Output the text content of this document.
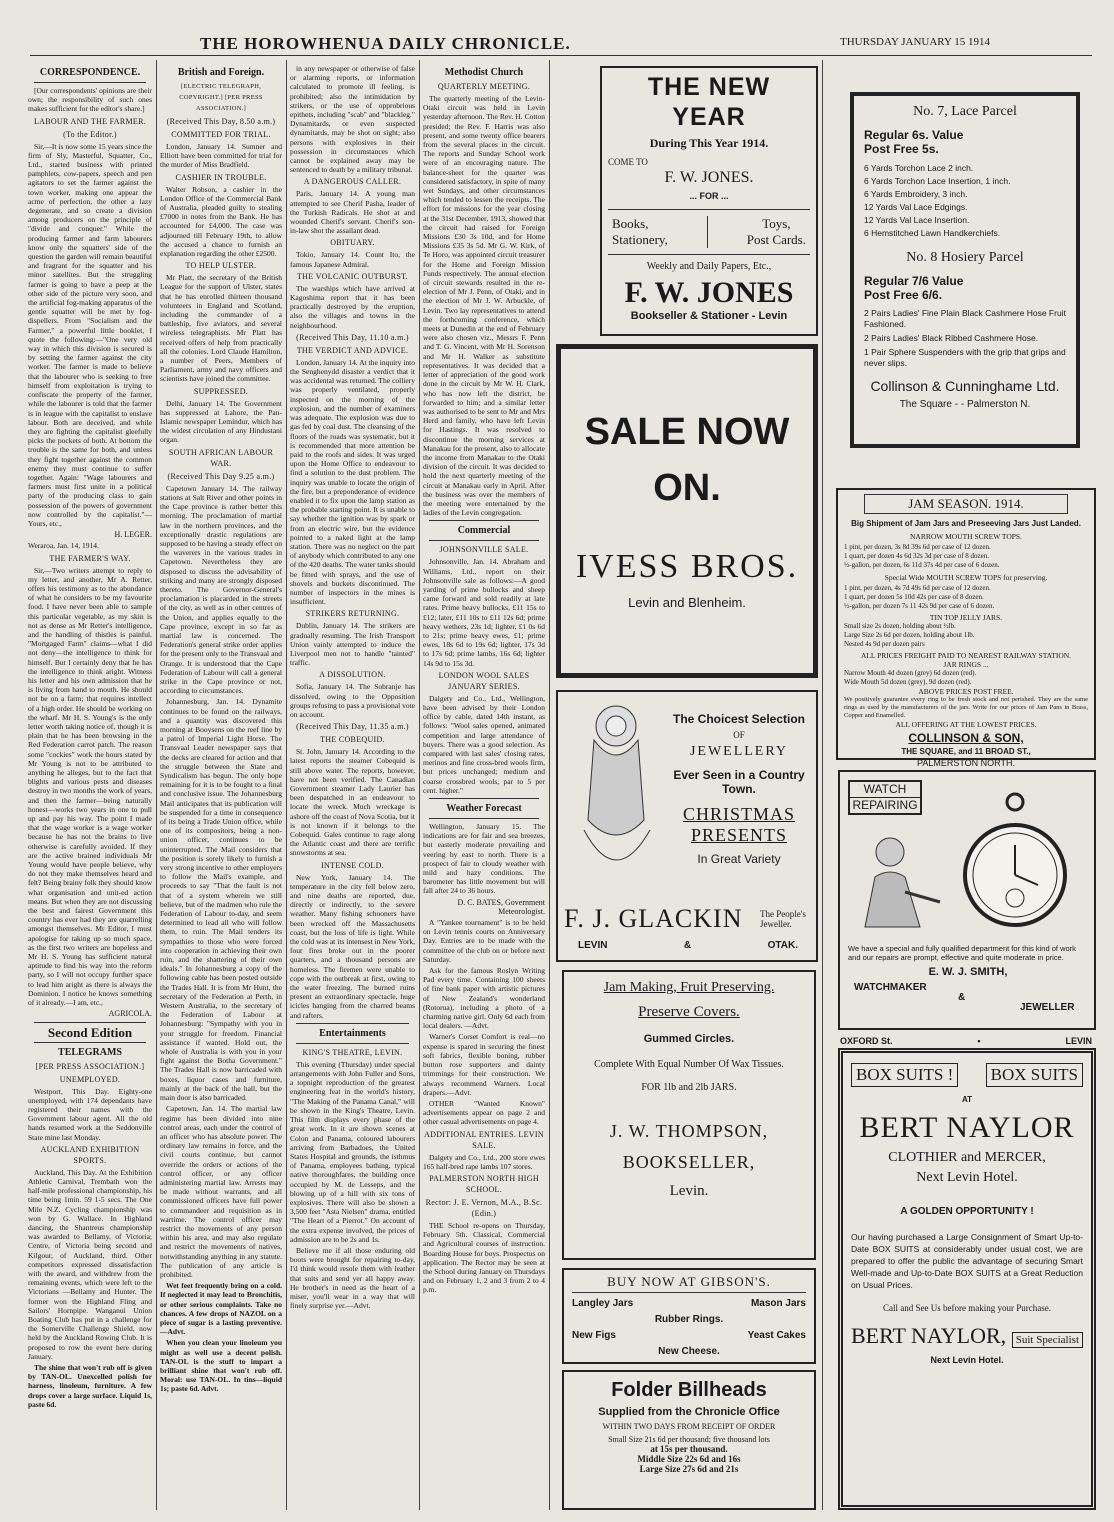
THE HOROWHENUA DAILY CHRONICLE.	THURSDAY JANUARY 15 1914
CORRESPONDENCE.

[Our correspondents' opinions are their own; the responsibility of such ones makes sufficient for the editor's share.]

LABOUR AND THE FARMER.
(To the Editor.)

Sir,—It is now some 15 years since the firm of Sly, Masterful, Squatter, Co., Ltd., started business with printed pamphlets, cow-papers, speech and pen agitators to set the farmer against the town worker, making one appear the acme of perfection, the other a lazy degenerate, and so create a division among producers on the principle of "divide and conquer." While the producing farmer and farm labourers know only the squatters' side of the question the garden will remain beautiful and fragrant for the squatter and his minor satellites. But the struggling farmer is going to have a peep at the other side of the picture very soon, and the artificial fog-making apparatus of the gentle squatter will be met by fog-dispellers. From "Socialism and the Farmer," a powerful little booklet, I quote the following:—"One very old way in which this division is secured is by setting the farmer against the city worker. The farmer is made to believe that the labourer who is seeking to free himself from exploitation is trying to confiscate the property of the farmer, while the labourer is told that the farmer is in league with the capitalist to enslave labour. Both are deceived, and while they are fighting the capitalist gleefully picks the pockets of both. At bottom the trouble is the same for both, and unless they fight together against the common enemy they must continue to suffer together. Again: "Wage labourers and farmers must first unite in a political party of the producing class to gain possession of the powers of government now controlled by the capitalist."—Yours, etc.,

H. LEGER.
Weraroa, Jan. 14, 1914.
THE FARMER'S WAY.

Sir,—Two writers attempt to reply to my letter, and another, Mr A. Retter, offers his testimony as to the abundance of what he considers to be my favourite food. I have never been able to sample this particular vegetable, as my skin is not as dense as Mr Retter's intelligence, and the handling of thistles is painful. "Mortgaged Farm" claims—what I did not deny—the intelligence to think for himself. But I certainly deny that he has the intelligence to think aright. Witness his letter and his own admission that he is living from hand to mouth. He should not be on a farm; that requires intellect of a high order. He should be working on the wharf. Mr H. S. Young's is the only letter worth taking notice of, though it is plain that he has been browsing in the Red Federation carrot patch. The reason some "cockies" work the hours stated by Mr Young is not to be attributed to anything he alleges, but to the fact that blights and various pests and diseases destroy in two months the work of years, and then the farmer—being naturally honest—works two years in one to pull up and pay his way. The point I made that the wage worker is a wage worker because he has not the brains to live otherwise is carefully avoided. If they are the active brained individuals Mr Young would have people believe, why do not they make themselves heard and felt? Being brainy folk they should know what organisation and unit-ed action means. But when they are not discussing the best and fairest Government this country has ever had they are quarrelling amongst themselves. Mr Editor, I must apologise for taking up so much space, as the first two writers are hopeless and Mr H. S. Young has sufficient natural aptitude to find his way into the reform party, so I will not occupy further space to lead him aright as there is always the Dominion. I notice he knows something of it already.—I am, etc.,

AGRICOLA.
Second Edition
TELEGRAMS
[PER PRESS ASSOCIATION.]
UNEMPLOYED.

Westport, This Day. Eighty-one unemployed, with 174 dependants have registered their names with the Government labour agent. All the old hands resumed work at the Seddonville State mine last Monday.

AUCKLAND EXHIBITION SPORTS.

Auckland, This Day. At the Exhibition Athletic Carnival, Trembath won the half-mile professional championship, his time being 1min. 59 1-5 secs. The One Mile N.Z. Cycling championship was won by G. Wallace. In Highland dancing, the Shantreus championship was awarded to Bellamy, of Victoria; Centre, of Victoria being second and Kilgour, of Auckland, third. Other competitors expressed dissatisfaction with the award, and withdrew from the remaining events, which were left to the Victorians —Bellamy and Hunter. The former won the Highland Fling and Sailors' Hornpipe. Wanganui Union Boating Club has put in a challenge for the Somerville Challenge Shield, now held by the Auckland Rowing Club. It is proposed to row the event here during January.

The shine that won't rub off is given by TAN-OL. Unexcelled polish for harness, linoleum, furniture. A few drops cover a large surface. Liquid 1s, paste 6d.

British and Foreign.
[ELECTRIC TELEGRAPH, COPYRIGHT.] [PER PRESS ASSOCIATION.]
(Received This Day, 8.50 a.m.)
COMMITTED FOR TRIAL.

London, January 14. Sumner and Elliott have been committed for trial for the murder of Miss Bradfield.

CASHIER IN TROUBLE.

Walter Robson, a cashier in the London Office of the Commercial Bank of Australia, pleaded guilty to stealing £7000 in notes from the Bank. He has accounted for £4,000. The case was adjourned till February 19th, to allow the accused a chance to furnish an explanation regarding the other £2500.

TO HELP ULSTER.

Mr Platt, the secretary of the British League for the support of Ulster, states that he has enrolled thirteen thousand volunteers in England and Scotland, including the commander of a battleship, five aviators, and several wireless telegraphists. Mr Platt has received offers of help from practically all the colonies. Lord Claude Hamilton, a number of Peers, Members of Parliament, army and navy officers and scientists have joined the committee.

SUPPRESSED.

Delhi, January 14. The Government has suppressed at Lahore, the Pan-Islamic newspaper Lemindur, which has the widest circulation of any Hindustani organ.

SOUTH AFRICAN LABOUR WAR.
(Received This Day 9.25 a.m.)

Capetown January 14. The railway stations at Salt River and other points in the Cape province is rather better this morning. The proclamation of martial law in the northern provinces, and the exceptionally drastic regulations are supposed to be having a steady effect on the waverers in the various trades in Capetown. Nevertheless they are disposed to discuss the advisability of striking and many are strongly disposed thereto. The Governor-General's proclamation is placarded in the streets of the city, as well as in other centres of the Union, and applies equally to the Cape province, except in so far as martial law is concerned. The Federation's general strike order applies for the present only to the Transvaal and Orange. It is understood that the Cape Federation of Labour will call a general strike in the Cape province or not, according to circumstances.

Johannesburg, Jan. 14. Dynamite continues to be found on the railways, and a quantity was discovered this morning at Booysens on the reef line by a patrol of Imperial Light Horse. The Transvaal Leader newspaper says that the decks are cleared for action and that the struggle between the State and Syndicalism has begun. The only hope remaining for it is to be fought to a final and conclusive issue. The Johannesburg Mail anticipates that its publication will be suspended for a time in consequence of its being a Trade Union office, while one of its compositors, being a non-union officer, continues to be uninterrupted. The Mail considers that the position is sorely likely to furnish a very strong incentive to other employers to follow the Mail's example, and proceeds to say "That the fault is not that of a system wherein we still believe, but of the madmen who rule the Federation of Labour to-day, and seem determined to lead all who will follow them, to ruin. The Mail tenders its sympathies to those who were forced into cooperation in achieving their own ruin, and the shattering of their own ideals." In Johannesburg a copy of the following cable has been posted outside the Trades Hall. It is from Mr Hunt, the secretary of the Federation at Perth, in Western Australia, to the secretary of the Federation of Labour at Johannesburg: "Sympathy with you in your struggle for freedom. Financial assistance if wanted. Hold out, the whole of Australia is with you in your fight against the Botha Government." The Trades Hall is now barricaded with boxes, liquor cases and furniture, mainly at the back of the hall, but the main door is also barricaded.

Capetown, Jan. 14. The martial law regime has been divided into nine control areas, each under the control of an officer who has absolute power. The ordinary law remains in force, and the civil courts continue, but cannot override the orders or actions of the control officer, or any officer administering martial law. Arrests may be made without warrants, and all commissioned officers have full power to commandeer and requisition as in wartime. The control officer may restrict the movements of any person within his area, and may also regulate and restrict the movements of natives, notwithstanding anything in any statute. The publication of any article is prohibited.

Wet feet frequently bring on a cold. If neglected it may lead to Bronchitis, or other serious complaints. Take no chances. A few drops of NAZOL on a piece of sugar is a lasting preventive. —Advt.

When you clean your linoleum you might as well use a decent polish. TAN-OL is the stuff to impart a brilliant shine that won't rub off. Moral: use TAN-OL. In tins—liquid 1s; paste 6d. Advt.

in any newspaper or otherwise of false or alarming reports, or information calculated to promote ill feeling, is prohibited; also the intimidation by strikers, or the use of opprobrious epithets, including "scab" and "blackleg." Dynamitards, or even suspected dynamitards, may be shot on sight; also persons with explosives in their possession in circumstances which cannot be explained away may be sentenced to death by a military tribunal.

A DANGEROUS CALLER.

Paris, January 14. A young man attempted to see Cherif Pasha, leader of the Turkish Radicals. He shot at and wounded Cherif's servant. Cherif's son-in-law shot the assailant dead.

OBITUARY.

Tokio, January 14. Count Ito, the famous Japanese Admiral.

THE VOLCANIC OUTBURST.

The warships which have arrived at Kagoshima report that it has been practically destroyed by the eruption, also the villages and towns in the neighbourhood.

(Received This Day, 11.10 a.m.)
THE VERDICT AND ADVICE.

London, January 14. At the inquiry into the Senghenydd disaster a verdict that it was accidental was returned. The colliery was properly ventilated, properly inspected on the morning of the explosion, and the number of examiners was adequate. The explosion was due to gas fed by coal dust. The cleansing of the floors of the roads was systematic, but it is recommended that more attention be paid to the roofs and sides. It was urged upon the Home Office to endeavour to find a solution to the dust problem. The inquiry was unable to locate the origin of the fire, but a preponderance of evidence enabled it to fix upon the lamp station as the probable starting point. It is unable to say whether the ignition was by spark or from an electric wire, but the evidence pointed to a naked light at the lamp station. There was no neglect on the part of anybody which contributed to any one of the 420 deaths. The water tanks should be fitted with sprays, and the use of shovels and buckets discontinued. The number of inspectors in the mines is insufficient.

STRIKERS RETURNING.

Dublin, January 14. The strikers are gradually resuming. The Irish Transport Union vainly attempted to induce the Liverpool men not to handle "tainted" traffic.

A DISSOLUTION.

Sofia, January 14. The Sobranje has dissolved, owing to the Opposition groups refusing to pass a provisional vote on account.

(Received This Day, 11.35 a.m.)
THE COBEQUID.

St. John, January 14. According to the latest reports the steamer Cobequid is still above water. The reports, however, have not been verified. The Canadian Government steamer Lady Laurier has been despatched in an endeavour to locate the wreck. Much wreckage is ashore off the coast of Nova Scotia, but it is not known if it belongs to the Cobequid. Gales continue to rage along the Atlantic coast and there are terrific snowstorms at sea.

INTENSE COLD.

New York, January 14. The temperature in the city fell below zero, and nine deaths are reported, due, directly or indirectly, to the severe weather. Many fishing schooners have been wrecked off the Massachusetts coast, but the loss of life is light. While the cold was at its intensest in New York, four fires broke out in the poorer quarters, and a thousand persons are homeless. The firemen were unable to cope with the outbreak at first, owing to the water freezing. The burned ruins present an extraordinary spectacle, huge icicles hanging from the charred beams and rafters.

Entertainments
KING'S THEATRE, LEVIN.

This evening (Thursday) under special arrangements with John Fuller and Sons, a topnight reproduction of the greatest engineering feat in the world's history, "The Making of the Panama Canal," will be shown in the King's Theatre, Levin. This film displays every phase of the great work. In it are shown scenes at Colon and Panama, coloured labourers arriving from Barbadoes, the United States Hospital and grounds, the isthmus of Panama, employees bathing, typical native thoroughfares, the building once occupied by M. de Lesseps, and the blowing up of a hill with six tons of explosives. There will also be shown a 3,500 feet "Asta Nielsen" drama, entitled "The Heart of a Pierrot." On account of the extra expense involved, the prices of admission are to be 2s and 1s.

Believe me if all those enduring old boots were brought for repairing to-day, I'd think would resole them with leather that suits and send yer all happy away. He brother's in need as the heart of a miser, you'll wear in a way that will finely surprise yer.—Advt.

Methodist Church
QUARTERLY MEETING.

The quarterly meeting of the Levin-Otaki circuit was held in Levin yesterday afternoon. The Rev. H. Cotton presided; the Rev. F. Harris was also present, and some twenty office bearers from the several places in the circuit. The reports and Sunday School work were of an encouraging nature. The balance-sheet for the quarter was considered satisfactory, in spite of many wet Sundays, and other circumstances which tended to lessen the receipts. The effort for missions for the year closing at the 31st December, 1913, showed that the circuit had raised for Foreign Missions £30 3s 10d, and for Home Missions £35 3s 5d. Mr G. W. Kirk, of Te Horo, was appointed circuit treasurer for the Home and Foreign Mission Funds respectively. The annual election of circuit stewards resulted in the re-election of Mr J. Penn, of Otaki, and in the election of Mr J. W. Arbuckle, of Levin. Two lay representatives to attend the forthcoming conference, which meets at Dunedin at the end of February were also chosen viz., Messrs F. Penn and T. G. Vincent, with Mr H. Sorenson and Mr H. Walker as substitute representatives. It was decided that a letter of appreciation of the good work done in the circuit by Mr W. H. Clark, who has now left the district, be forwarded to him; and a similar letter was authorised to be sent to Mr and Mrs Herd and family, who have left Levin for Hastings. It was resolved to discontinue the morning services at Manakau for the present, also to allocate the income from Manakau to the Otaki division of the circuit. It was decided to hold the next quarterly meeting of the circuit at Manakau early in April. After the business was over the members of the meeting were entertained by the ladies of the Levin congregation.

Commercial
JOHNSONVILLE SALE.

Johnsonville, Jan. 14. Abraham and Williams, Ltd., report on their Johnsonville sale as follows:—A good yarding of prime bullocks and sheep came forward and sold readily at late rates. Prime heavy bullocks, £11 15s to £12; later, £11 10s to £11 12s 6d; prime heavy wethers, 23s 1d; lighter, £1 0s 6d to 21s; prime heavy ewes, £1; prime ewes, 18s 6d to 19s 6d; lighter, 17s 3d to 17s 6d; prime lambs, 16s 6d; lighter 14s 9d to 15s 3d.

LONDON WOOL SALES JANUARY SERIES.

Dalgety and Co., Ltd., Wellington, have been advised by their London office by cable, dated 14th instant, as follows: "Wool sales opened, animated competition and large attendance of buyers. There was a good selection. As compared with last sales' closing rates, merinos and fine cross-bred wools firm, but prices unchanged; medium and coarse crossbred wools, par to 5 per cent. higher."

Weather Forecast

Wellington, January 15. The indications are for fair and sea breezes, but easterly moderate prevailing and veering by east to north. There is a prospect of fair to cloudy weather with mild and hazy conditions. The barometer has little movement but will fall after 24 to 36 hours.

D. C. BATES, Government Meteorologist.

A "Yankee tournament" is to be held on Levin tennis courts on Anniversary Day. Entries are to be made with the committee of the club on or before next Saturday.

Ask for the famous Roslyn Writing Pad every time. Containing 100 sheets of fine bank paper with artistic pictures of New Zealand's wonderland (Rotorua), including a photo of a charming native girl. Only 6d each from local dealers. —Advt.

Warner's Corset Comfort is real—no expense is spared in securing the finest soft fabrics, flexible boning, rubber button rose supporters and dainty trimmings for their construction. We always recommend Warners. Local drapers.—Advt.

OTHER "Wanted Known" advertisements appear on page 2 and other casual advertisements on page 4.

ADDITIONAL ENTRIES. LEVIN SALE.

Dalgety and Co., Ltd., 200 store ewes 165 half-bred rape lambs 107 stores.

PALMERSTON NORTH HIGH SCHOOL.
Rector: J. E. Vernon, M.A., B.Sc. (Edin.)

THE School re-opens on Thursday, February 5th. Classical, Commercial and Agricultural courses of instruction. Boarding House for boys. Prospectus on application. The Rector may be seen at the School during January on Thursdays and on February 1, 2 and 3 from 2 to 4 p.m.

THE NEW YEAR
During This Year 1914.
COME TO
F. W. JONES.
... FOR ...
Books,
Stationery,
Toys,
Post Cards.
Weekly and Daily Papers, Etc.,
F. W. JONES
Bookseller & Stationer - Levin
SALE NOW
ON.
IVESS BROS.
Levin and Blenheim.
The Choicest Selection
OF
JEWELLERY
Ever Seen in a Country Town.
CHRISTMAS
PRESENTS
In Great Variety
F. J. GLACKIN The People's Jeweller.
LEVIN	&	OTAK.
Jam Making, Fruit Preserving.
Preserve Covers.
Gummed Circles.
Complete With Equal Number Of Wax Tissues.
FOR 1lb and 2lb JARS.
J. W. THOMPSON,
BOOKSELLER,
Levin.
BUY NOW AT GIBSON'S.
Langley Jars	Mason Jars
Rubber Rings.
New Figs	Yeast Cakes
New Cheese.
Folder Billheads
Supplied from the Chronicle Office
WITHIN TWO DAYS FROM RECEIPT OF ORDER
Small Size 21s 6d per thousand; five thousand lots
at 15s per thousand.
Middle Size 22s 6d and 16s
Large Size 27s 6d and 21s
No. 7, Lace Parcel
Regular 6s. Value
Post Free 5s.
6 Yards Torchon Lace 2 inch.
6 Yards Torchon Lace Insertion, 1 inch.
6 Yards Embroidery, 3 inch.
12 Yards Val Lace Edgings.
12 Yards Val Lace Insertion.
6 Hemstitched Lawn Handkerchiefs.
No. 8 Hosiery Parcel
Regular 7/6 Value
Post Free 6/6.
2 Pairs Ladies' Fine Plain Black Cashmere Hose Fruit Fashioned.
2 Pairs Ladies' Black Ribbed Cashmere Hose.
1 Pair Sphere Suspenders with the grip that grips and never slips.
Collinson & Cunninghame Ltd.
The Square - - Palmerston N.
JAM SEASON. 1914.
Big Shipment of Jam Jars and Preseeving Jars Just Landed.
NARROW MOUTH SCREW TOPS.
1 pint, per dozen, 3s 8d 39s 6d per case of 12 dozen.
1 quart, per dozen 4s 6d 32s 3d per case of 8 dozen.
½-gallon, per dozen, 6s 11d 37s 4d per case of 6 dozen.
Special Wide MOUTH SCREW TOPS for preserving.
1 pint, per dozen, 4s 7d 49s 6d per case of 12 dozen.
1 quart, per dozen 5s 10d 42s per case of 8 dozen.
½-gallon, per dozen 7s 11 42s 9d per case of 6 dozen.
TIN TOP JELLY JARS.
Small size 2s dozen, holding about ½lb.
Large Size 2s 6d per dozen, holding about 1lb.
Nested 4s 9d per dozen pairs
ALL PRICES FREIGHT PAID TO NEAREST RAILWAY STATION.
JAR RINGS ...
Narrow Mouth 4d dozen (grey) 6d dozen (red).
Wide Mouth 5d dozen (grey), 9d dozen (red).
ABOVE PRICES POST FREE.
We positively guarantee every ring to be fresh stock and not perished. They are the same rings as used by the manufacturers of the jars. Write for our prices of Jam Pans in Brass, Copper and Enamelled.
ALL OFFERING AT THE LOWEST PRICES.
COLLINSON & SON,
THE SQUARE, and 11 BROAD ST.,
PALMERSTON NORTH.
WATCH
REPAIRING
We have a special and fully qualified department for this kind of work and our repairs are prompt, effective and quite moderate in price.
E. W. J. SMITH,
WATCHMAKER
&
JEWELLER
OXFORD St.	•	LEVIN
BOX SUITS ! BOX SUITS
AT
BERT NAYLOR
CLOTHIER and MERCER,
Next Levin Hotel.
A GOLDEN OPPORTUNITY !
Our having purchased a Large Consignment of Smart Up-to-Date BOX SUITS at considerably under usual cost, we are prepared to offer the public the advantage of securing Smart Well-made and Up-to-Date BOX SUITS at a Great Reduction on Usual Prices.
Call and See Us before making your Purchase.
BERT NAYLOR, Suit Specialist
Next Levin Hotel.
